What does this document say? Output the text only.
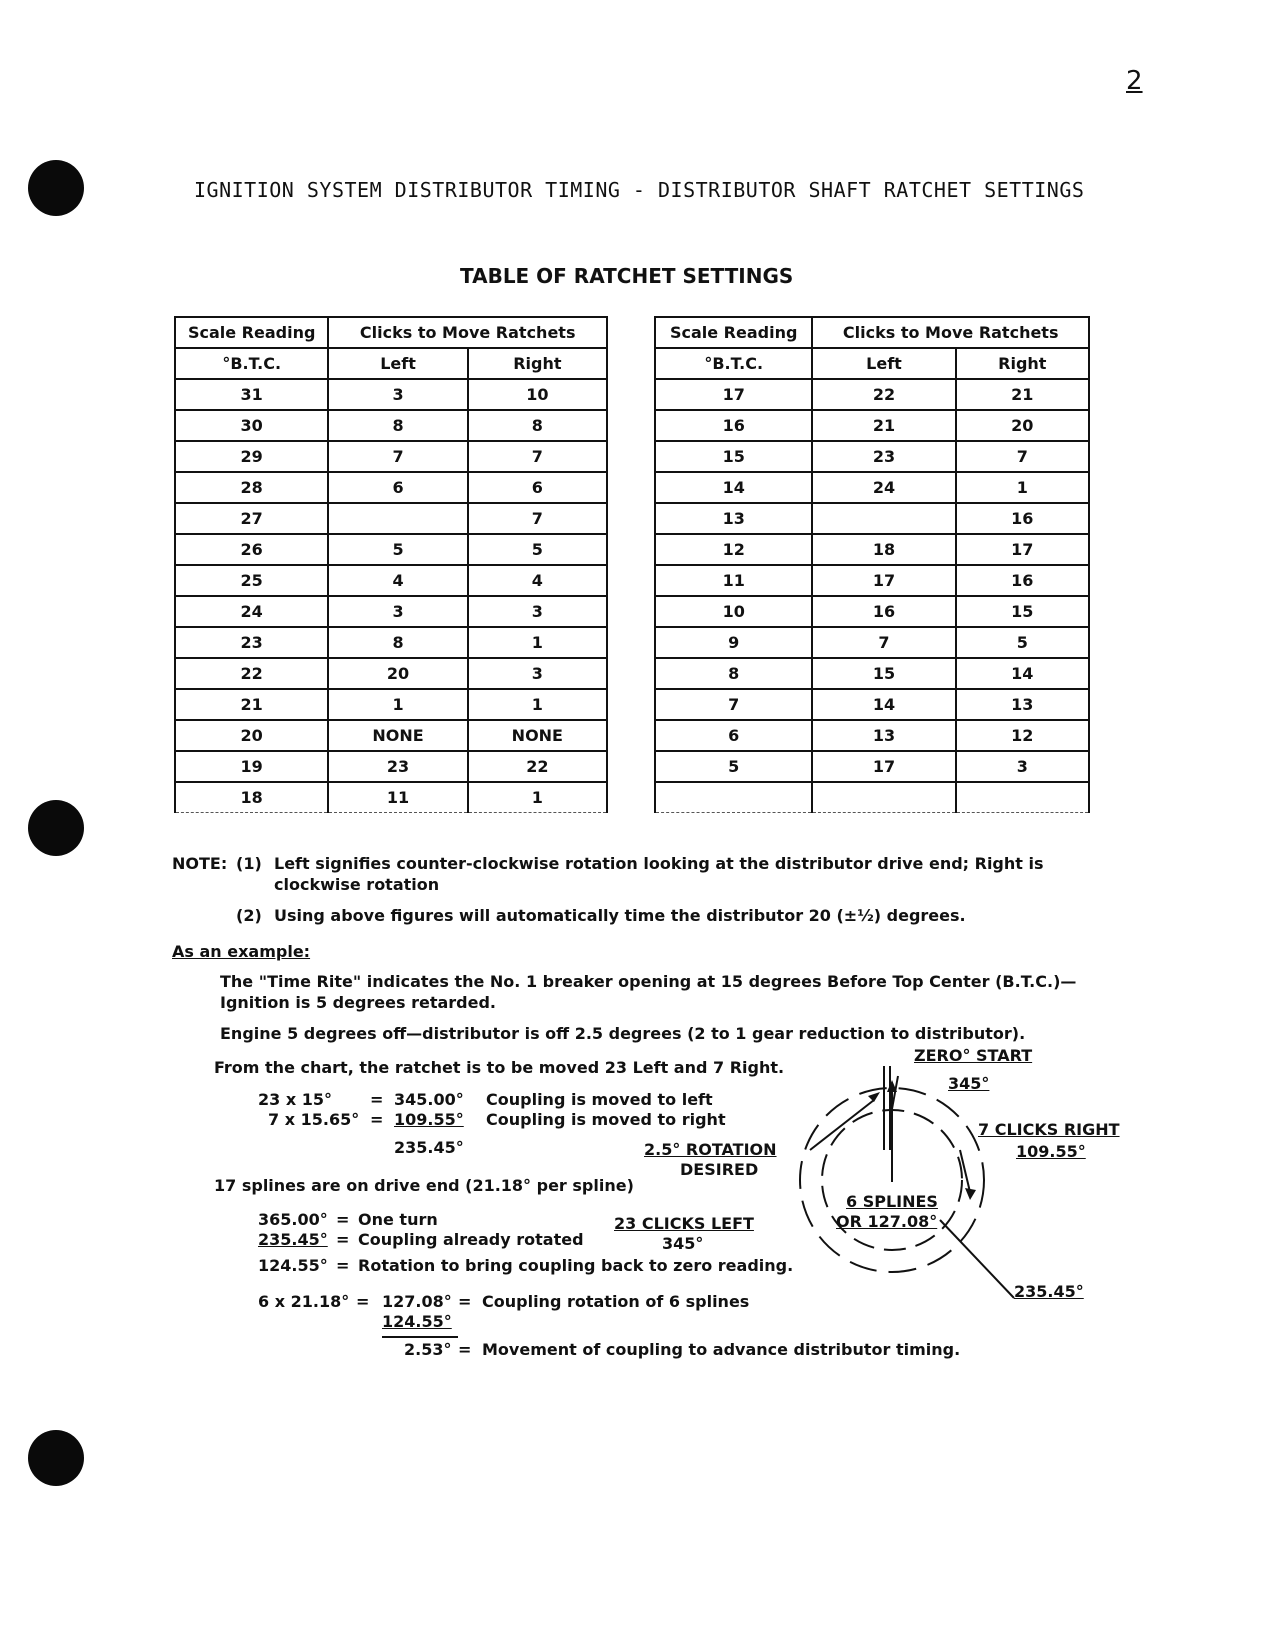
2
IGNITION SYSTEM DISTRIBUTOR TIMING - DISTRIBUTOR SHAFT RATCHET SETTINGS
TABLE OF RATCHET SETTINGS
Scale Reading	Clicks to Move Ratchets	
°B.T.C.	Left	Right
31	3	10
30	8	8
29	7	7
28	6	6
27		7
26	5	5
25	4	4
24	3	3
23	8	1
22	20	3
21	1	1
20	NONE	NONE
19	23	22
18	11	1
Scale Reading	Clicks to Move Ratchets	
°B.T.C.	Left	Right
17	22	21
16	21	20
15	23	7
14	24	1
13		16
12	18	17
11	17	16
10	16	15
9	7	5
8	15	14
7	14	13
6	13	12
5	17	3

NOTE: (1) Left signifies counter-clockwise rotation looking at the distributor drive end; Right is
clockwise rotation
(2) Using above figures will automatically time the distributor 20 (±½) degrees.
As an example:
The "Time Rite" indicates the No. 1 breaker opening at 15 degrees Before Top Center (B.T.C.)—
Ignition is 5 degrees retarded.
Engine 5 degrees off—distributor is off 2.5 degrees (2 to 1 gear reduction to distributor).
From the chart, the ratchet is to be moved 23 Left and 7 Right.
23 x 15° = 345.00° Coupling is moved to left
7 x 15.65° = 109.55° Coupling is moved to right
235.45°
17 splines are on drive end (21.18° per spline)
365.00° = One turn
235.45° = Coupling already rotated
124.55° = Rotation to bring coupling back to zero reading.
6 x 21.18° = 127.08° = Coupling rotation of 6 splines
124.55°
2.53° = Movement of coupling to advance distributor timing.
ZERO° START
345°
7 CLICKS RIGHT
109.55°
2.5° ROTATION
DESIRED
6 SPLINES
OR 127.08°
23 CLICKS LEFT
345°
235.45°
